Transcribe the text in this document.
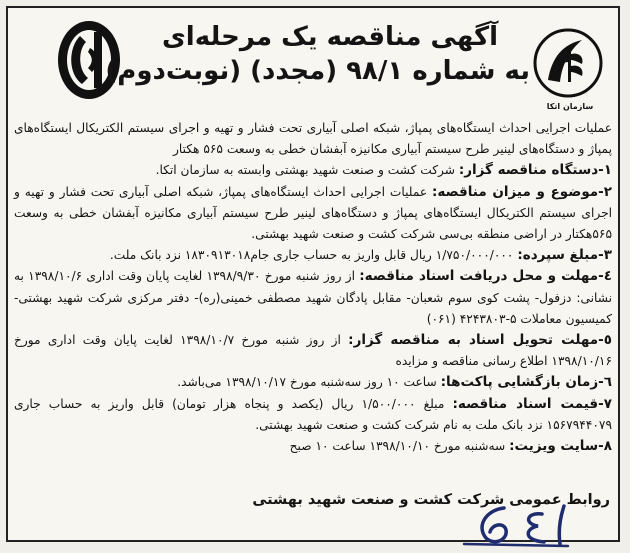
سازمان اتکا
آگهی مناقصه یک مرحله‌ای
به شماره ۹۸/۱ (مجدد) (نوبت‌دوم)

عملیات اجرایی احداث ایستگاه‌های پمپاژ، شبکه اصلی آبیاری تحت فشار و تهیه و اجرای سیستم الکتریکال ایستگاه‌های پمپاژ و دستگاه‌های لینیر طرح سیستم آبیاری مکانیزه آبفشان خطی به وسعت ۵۶۵ هکتار

۱-دستگاه مناقصه گزار: شرکت کشت و صنعت شهید بهشتی وابسته به سازمان اتکا.

۲-موضوع و میزان مناقصه: عملیات اجرایی احداث ایستگاه‌های پمپاژ، شبکه اصلی آبیاری تحت فشار و تهیه و اجرای سیستم الکتریکال ایستگاه‌های پمپاژ و دستگاه‌های لینیر طرح سیستم آبیاری مکانیزه آبفشان خطی به وسعت ۵۶۵هکتار در اراضی منطقه بی‌سی شرکت کشت و صنعت شهید بهشتی.

۳-مبلغ سپرده: ۱/۷۵۰/۰۰۰/۰۰۰ ریال قابل واریز به حساب جاری جام۱۸۳۰۹۱۳۰۱۸ نزد بانک ملت.

٤-مهلت و محل دریافت اسناد مناقصه: از روز شنبه مورخ ۱۳۹۸/۹/۳۰ لغایت پایان وقت اداری ۱۳۹۸/۱۰/۶ به نشانی: دزفول- پشت کوی سوم شعبان- مقابل پادگان شهید مصطفی خمینی(ره)- دفتر مرکزی شرکت شهید بهشتی- کمیسیون معاملات ۵-۴۲۴۳۸۰۳ (۰۶۱)

٥-مهلت تحویل اسناد به مناقصه گزار: از روز شنبه مورخ ۱۳۹۸/۱۰/۷ لغایت پایان وقت اداری مورخ ۱۳۹۸/۱۰/۱۶ اطلاع رسانی مناقصه و مزایده

٦-زمان بازگشایی پاکت‌ها: ساعت ۱۰ روز سه‌شنبه مورخ ۱۳۹۸/۱۰/۱۷ می‌باشد.

٧-قیمت اسناد مناقصه: مبلغ ۱/۵۰۰/۰۰۰ ریال (یکصد و پنجاه هزار تومان) قابل واریز به حساب جاری ۱۵۶۷۹۴۴۰۷۹ نزد بانک ملت به نام شرکت کشت و صنعت شهید بهشتی.

٨-سایت ویزیت: سه‌شنبه مورخ ۱۳۹۸/۱۰/۱۰ ساعت ۱۰ صبح

روابط عمومی شرکت کشت و صنعت شهید بهشتی
